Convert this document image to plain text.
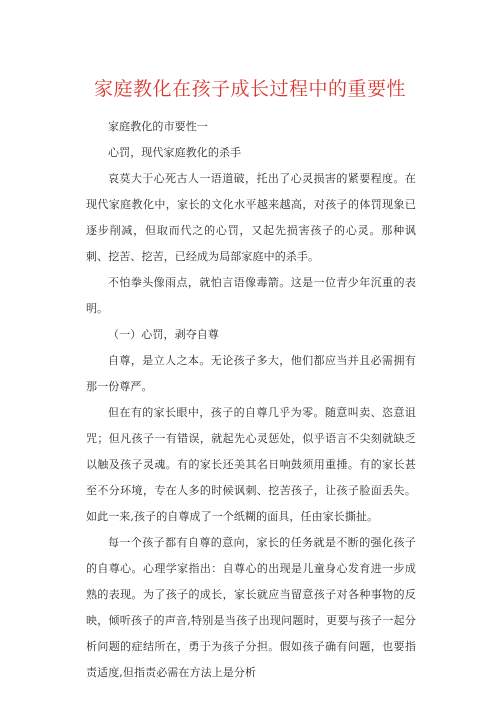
家庭教化在孩子成长过程中的重要性

家庭教化的市要性一

心罚，现代家庭教化的杀手

哀莫大于心死古人一语道破，托出了心灵损害的紧要程度。在现代家庭教化中，家长的文化水平越来越高，对孩子的体罚现象已逐步削减，但取而代之的心罚，又起先损害孩子的心灵。那种讽刺、挖苦、挖苦，已经成为局部家庭中的杀手。

不怕拳头像雨点，就怕言语像毒箭。这是一位青少年沉重的表明。

（一）心罚，剥夺自尊

自尊，是立人之本。无论孩子多大，他们都应当并且必需拥有那一份尊严。

但在有的家长眼中，孩子的自尊几乎为零。随意叫卖、恣意诅咒；但凡孩子一有错误，就起先心灵惩处，似乎语言不尖刻就缺乏以触及孩子灵魂。有的家长还美其名日响鼓须用重捶。有的家长甚至不分环境，专在人多的时候讽刺、挖苦孩子，让孩子脸面丢失。如此一来,孩子的自尊成了一个纸糊的面具，任由家长撕扯。

每一个孩子都有自尊的意向，家长的任务就是不断的强化孩子的自尊心。心理学家指出：自尊心的出现是儿童身心发育进一步成熟的表现。为了孩子的成长，家长就应当留意孩子对各种事物的反映，倾听孩子的声音,特别是当孩子出现问题时，更要与孩子一起分析问题的症结所在，勇于为孩子分担。假如孩子确有问题，也要指责适度,但指责必需在方法上是分析
